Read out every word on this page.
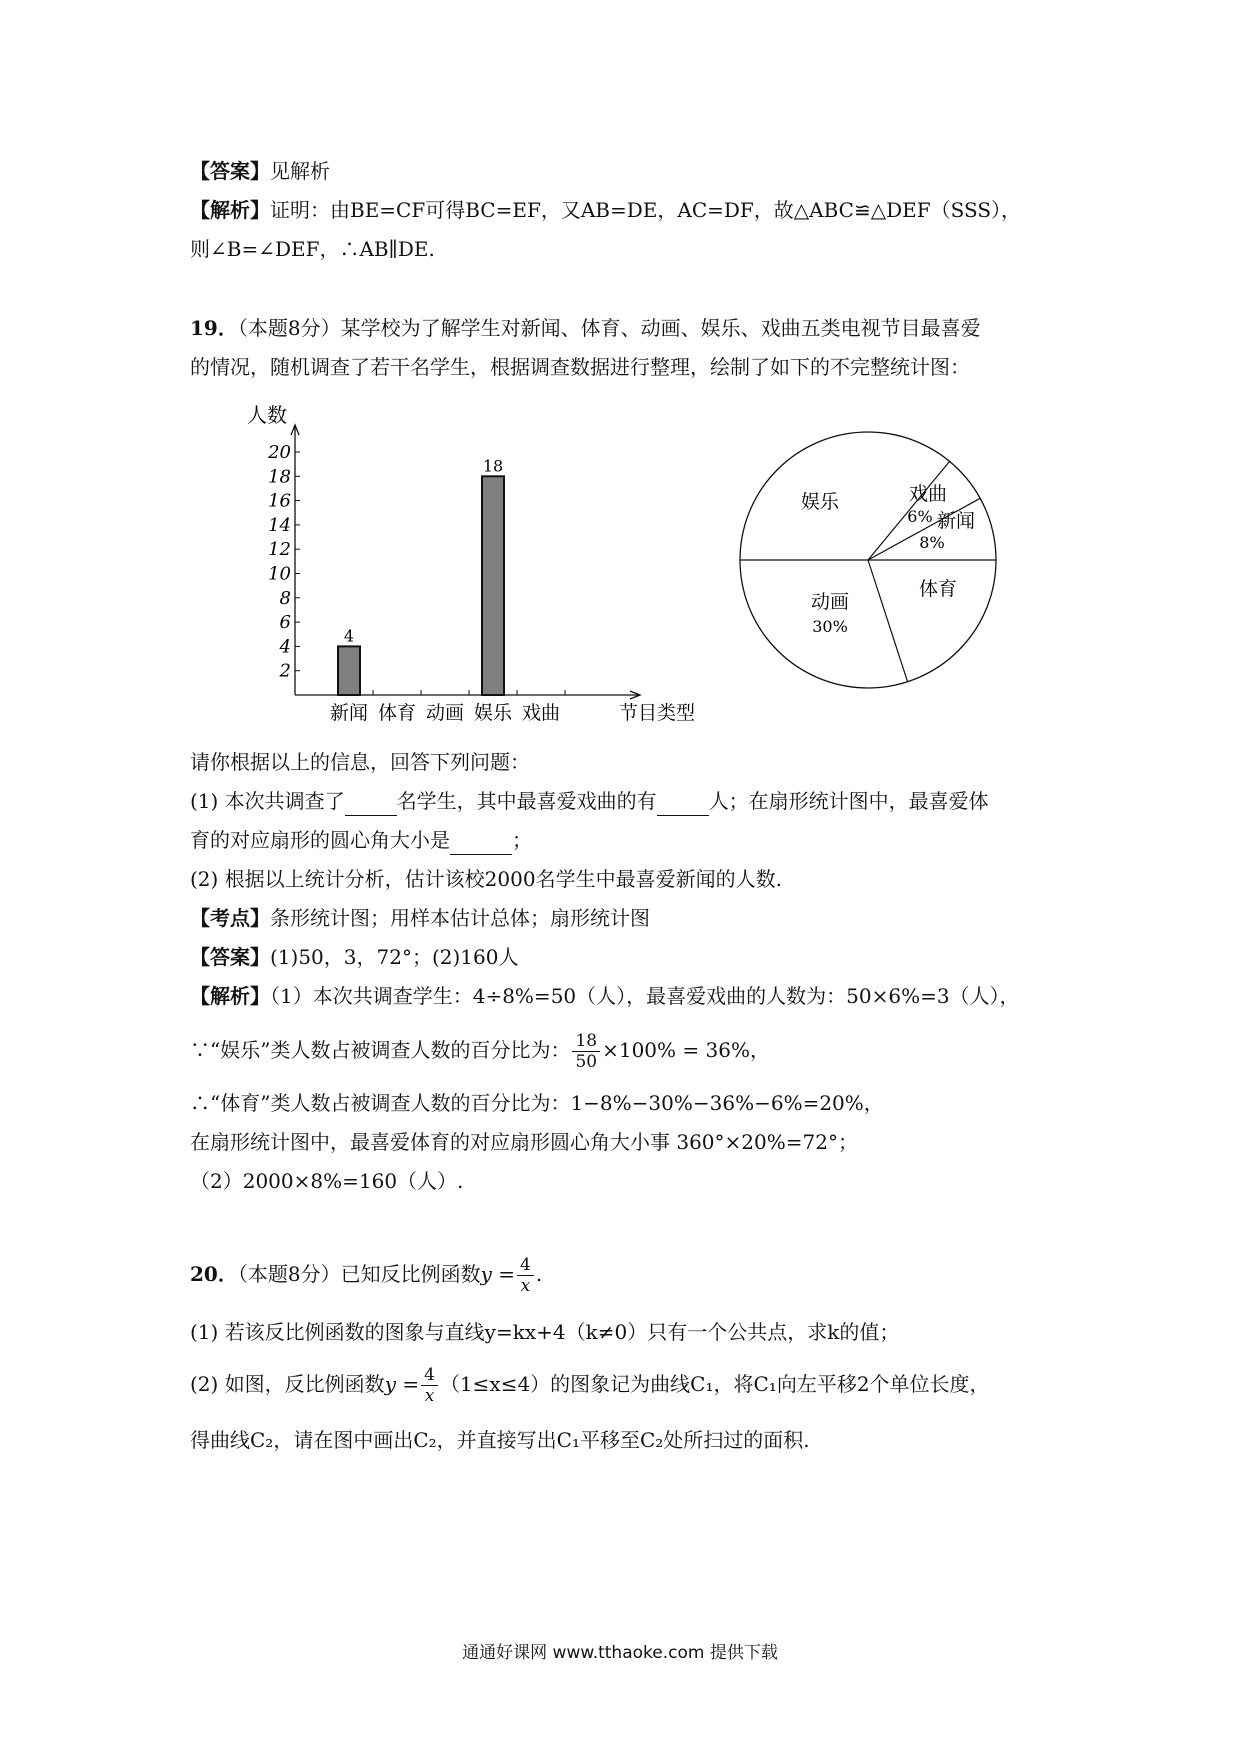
【答案】见解析
【解析】证明：由BE=CF可得BC=EF，又AB=DE，AC=DF，故△ABC≌△DEF（SSS），
则∠B=∠DEF，∴AB∥DE.
19．（本题8分）某学校为了解学生对新闻、体育、动画、娱乐、戏曲五类电视节目最喜爱
的情况，随机调查了若干名学生，根据调查数据进行整理，绘制了如下的不完整统计图：
人数
2
4
6
8
10
12
14
16
18
20
新闻
4
体育 动画 娱乐
18
戏曲	节目类型
娱乐	戏曲
6% 新闻
8%
体育
动画
30%
请你根据以上的信息，回答下列问题：
(1) 本次共调查了	名学生，其中最喜爱戏曲的有	人；在扇形统计图中，最喜爱体
育的对应扇形的圆心角大小是	；
(2) 根据以上统计分析，估计该校2000名学生中最喜爱新闻的人数.
【考点】条形统计图；用样本估计总体；扇形统计图
【答案】(1)50，3，72°；(2)160人
【解析】（1）本次共调查学生：4÷8%=50（人），最喜爱戏曲的人数为：50×6%=3（人），
∵“娱乐”类人数占被调查人数的百分比为： $\frac{18}{50} \times 100\% = 36\%$，
∴“体育”类人数占被调查人数的百分比为：1−8%−30%−36%−6%=20%，
在扇形统计图中，最喜爱体育的对应扇形圆心角大小事 360°×20%=72°；
（2）2000×8%=160（人）.
20．（本题8分）已知反比例函数$y = \frac{4}{x}$ .
(1) 若该反比例函数的图象与直线y=kx+4（k≠0）只有一个公共点，求k的值；
(2) 如图，反比例函数$y = \frac{4}{x} (1\le x\le 4)$的图象记为曲线C₁，将C₁向左平移2个单位长度，
得曲线C₂，请在图中画出C₂，并直接写出C₁平移至C₂处所扫过的面积.
通通好课网 www.tthaoke.com 提供下载
